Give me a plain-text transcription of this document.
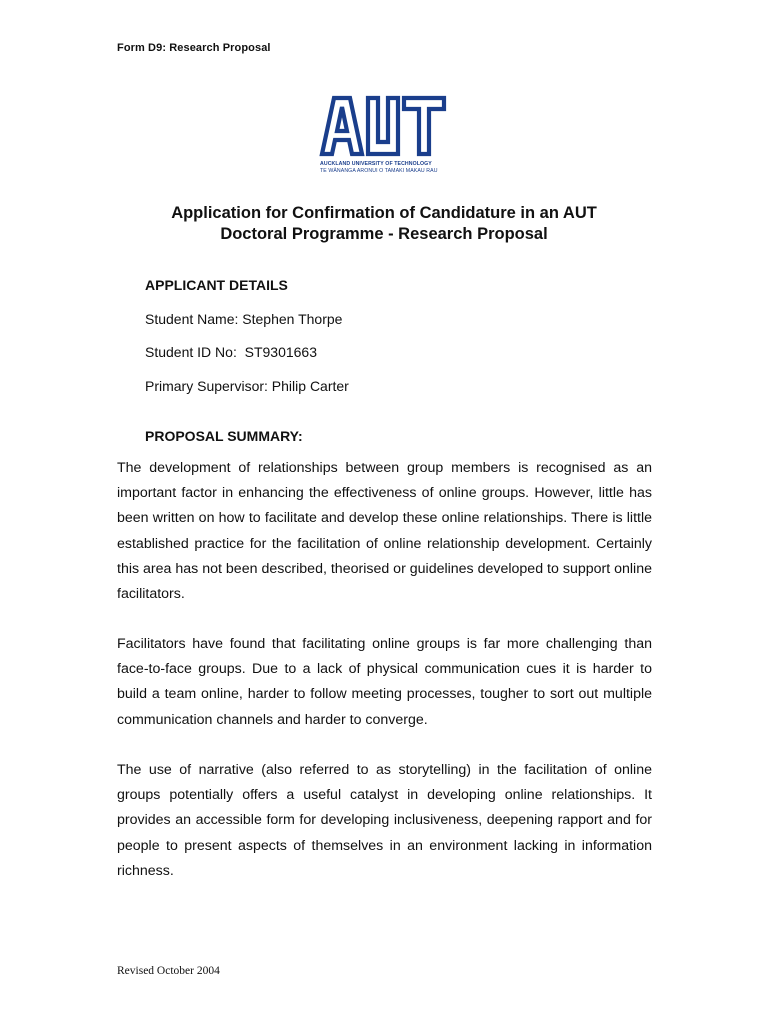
Form D9: Research Proposal
AUCKLAND UNIVERSITY OF TECHNOLOGY
TE WĀNANGA ARONUI O TAMAKI MAKAU RAU
Application for Confirmation of Candidature in an AUT
Doctoral Programme - Research Proposal
APPLICANT DETAILS
Student Name: Stephen Thorpe
Student ID No:  ST9301663
Primary Supervisor: Philip Carter
PROPOSAL SUMMARY:

The development of relationships between group members is recognised as an important factor in enhancing the effectiveness of online groups. However, little has been written on how to facilitate and develop these online relationships. There is little established practice for the facilitation of online relationship development. Certainly this area has not been described, theorised or guidelines developed to support online facilitators.

Facilitators have found that facilitating online groups is far more challenging than face-to-face groups. Due to a lack of physical communication cues it is harder to build a team online, harder to follow meeting processes, tougher to sort out multiple communication channels and harder to converge.

The use of narrative (also referred to as storytelling) in the facilitation of online groups potentially offers a useful catalyst in developing online relationships. It provides an accessible form for developing inclusiveness, deepening rapport and for people to present aspects of themselves in an environment lacking in information richness.

Revised October 2004
